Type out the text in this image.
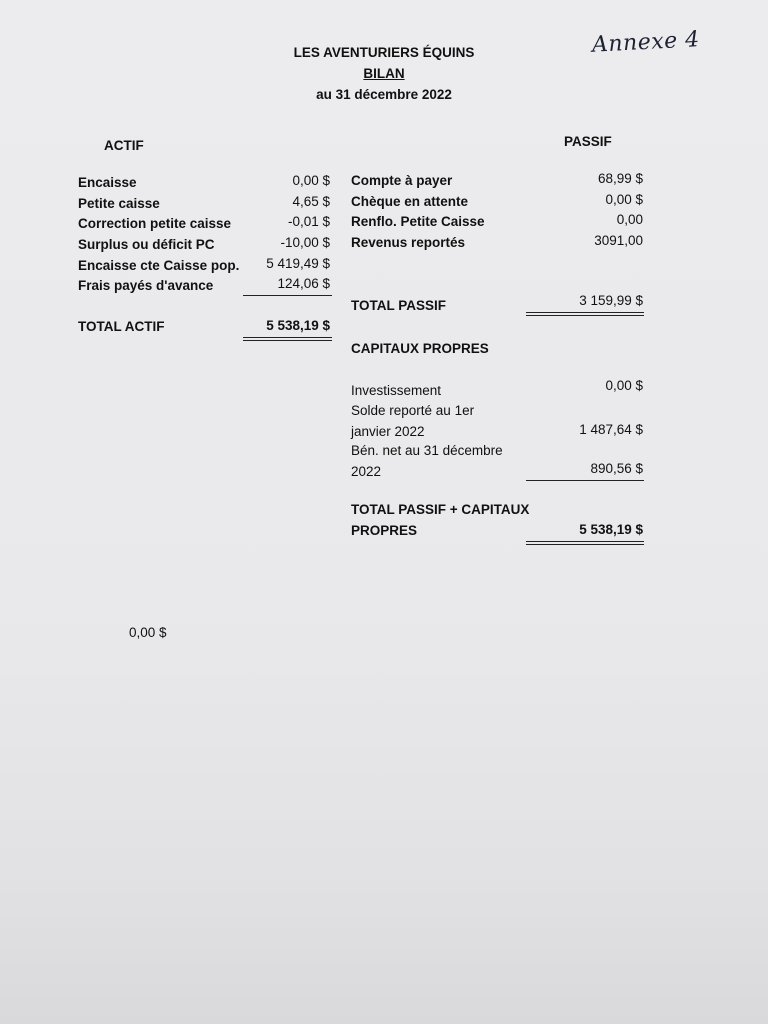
LES AVENTURIERS ÉQUINS
BILAN
au 31 décembre 2022
Annexe 4
ACTIF	PASSIF
Encaisse	0,00 $
Petite caisse	4,65 $
Correction petite caisse	-0,01 $
Surplus ou déficit PC	-10,00 $
Encaisse cte Caisse pop.	5 419,49 $
Frais payés d'avance	124,06 $
TOTAL ACTIF	5 538,19 $
Compte à payer	68,99 $
Chèque en attente	0,00 $
Renflo. Petite Caisse	0,00
Revenus reportés	3091,00
TOTAL PASSIF	3 159,99 $
CAPITAUX PROPRES
Investissement	0,00 $
Solde reporté au 1er
janvier 2022	1 487,64 $
Bén. net au 31 décembre
2022	890,56 $
TOTAL PASSIF + CAPITAUX
PROPRES	5 538,19 $
0,00 $
